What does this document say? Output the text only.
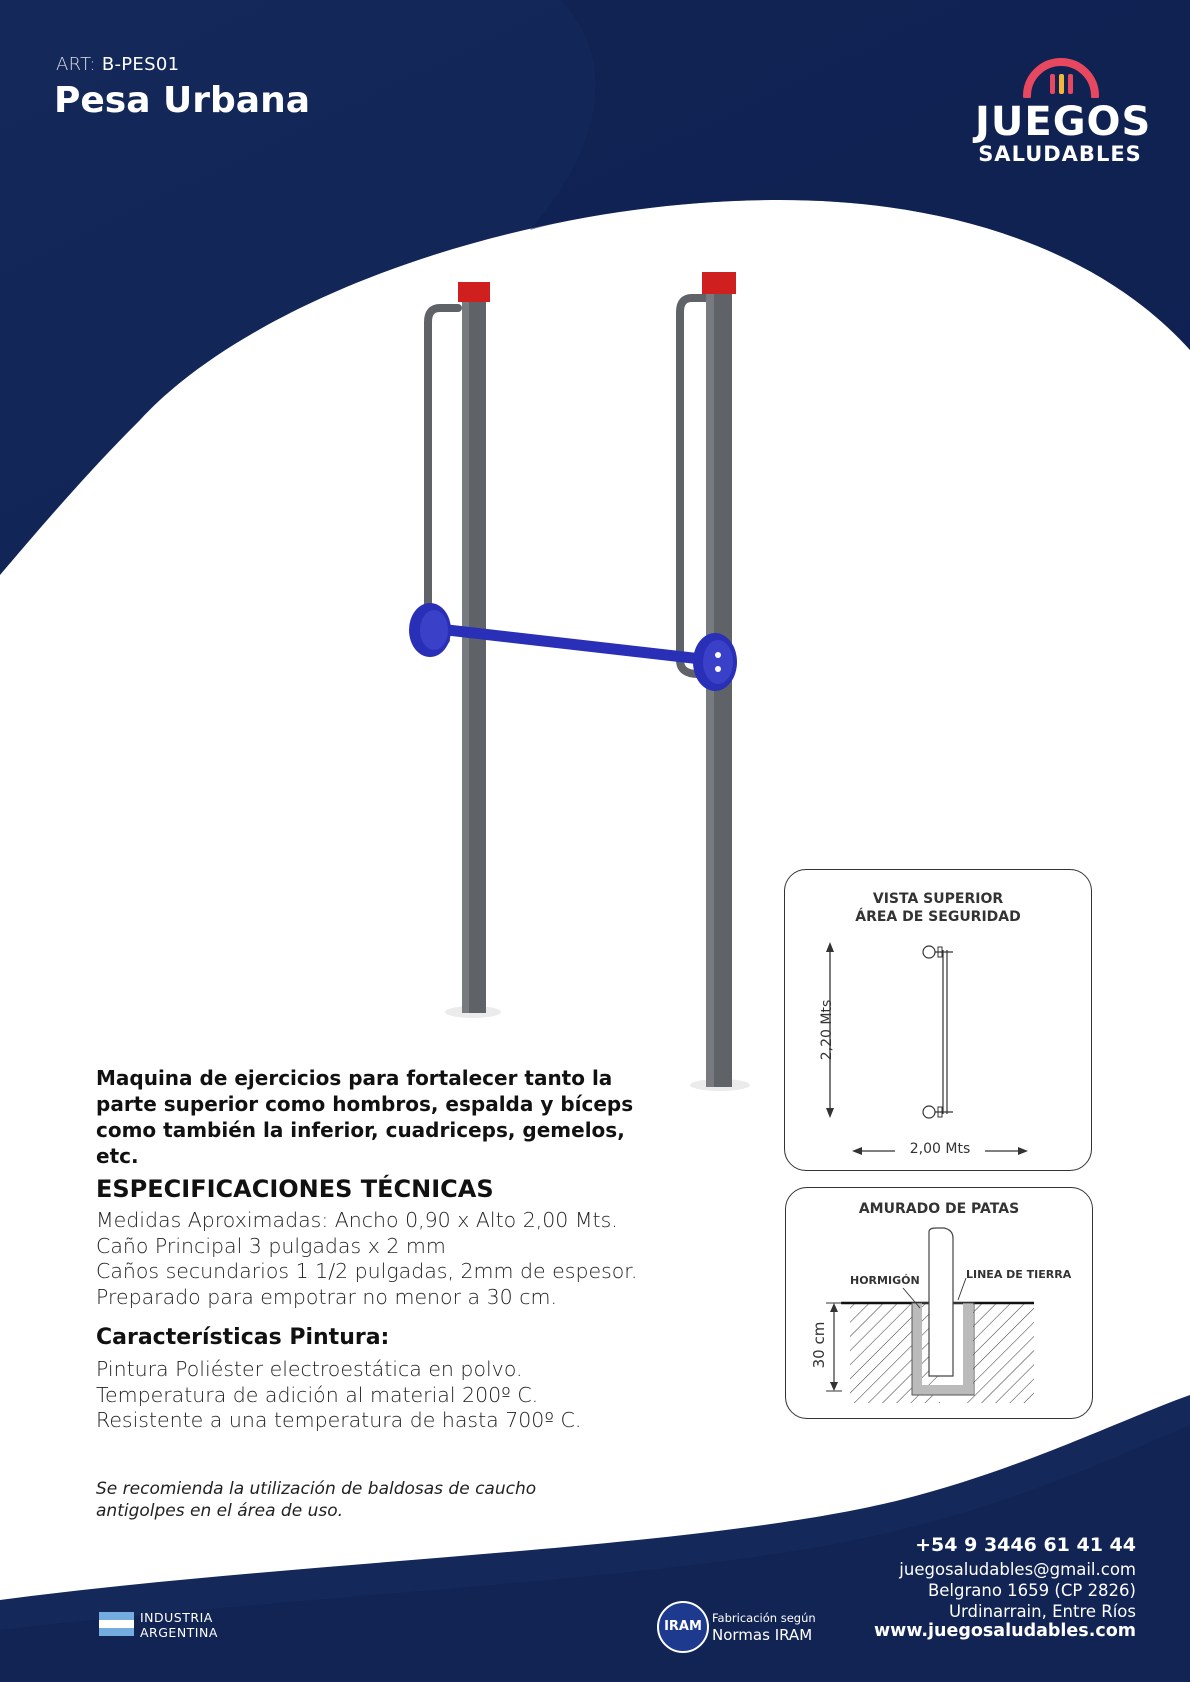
ART: B-PES01
Pesa Urbana	JUEGOS
SALUDABLES
Maquina de ejercicios para fortalecer tanto la parte superior como hombros, espalda y bíceps como también la inferior, cuadriceps, gemelos, etc.
ESPECIFICACIONES TÉCNICAS
Medidas Aproximadas: Ancho 0,90 x Alto 2,00 Mts.
Caño Principal 3 pulgadas x 2 mm
Caños secundarios 1 1/2 pulgadas, 2mm de espesor.
Preparado para empotrar no menor a 30 cm.
Características Pintura:
Pintura Poliéster electroestática en polvo.
Temperatura de adición al material 200º C.
Resistente a una temperatura de hasta 700º C.
Se recomienda la utilización de baldosas de caucho antigolpes en el área de uso.
VISTA SUPERIOR
ÁREA DE SEGURIDAD
2,20 Mts
2,00 Mts
AMURADO DE PATAS
HORMIGÓN	LINEA DE TIERRA
30 cm
+54 9 3446 61 41 44
juegosaludables@gmail.com
Belgrano 1659 (CP 2826)
Urdinarrain, Entre Ríos
www.juegosaludables.com
INDUSTRIA
ARGENTINA	IRAM
Fabricación según
Normas IRAM
